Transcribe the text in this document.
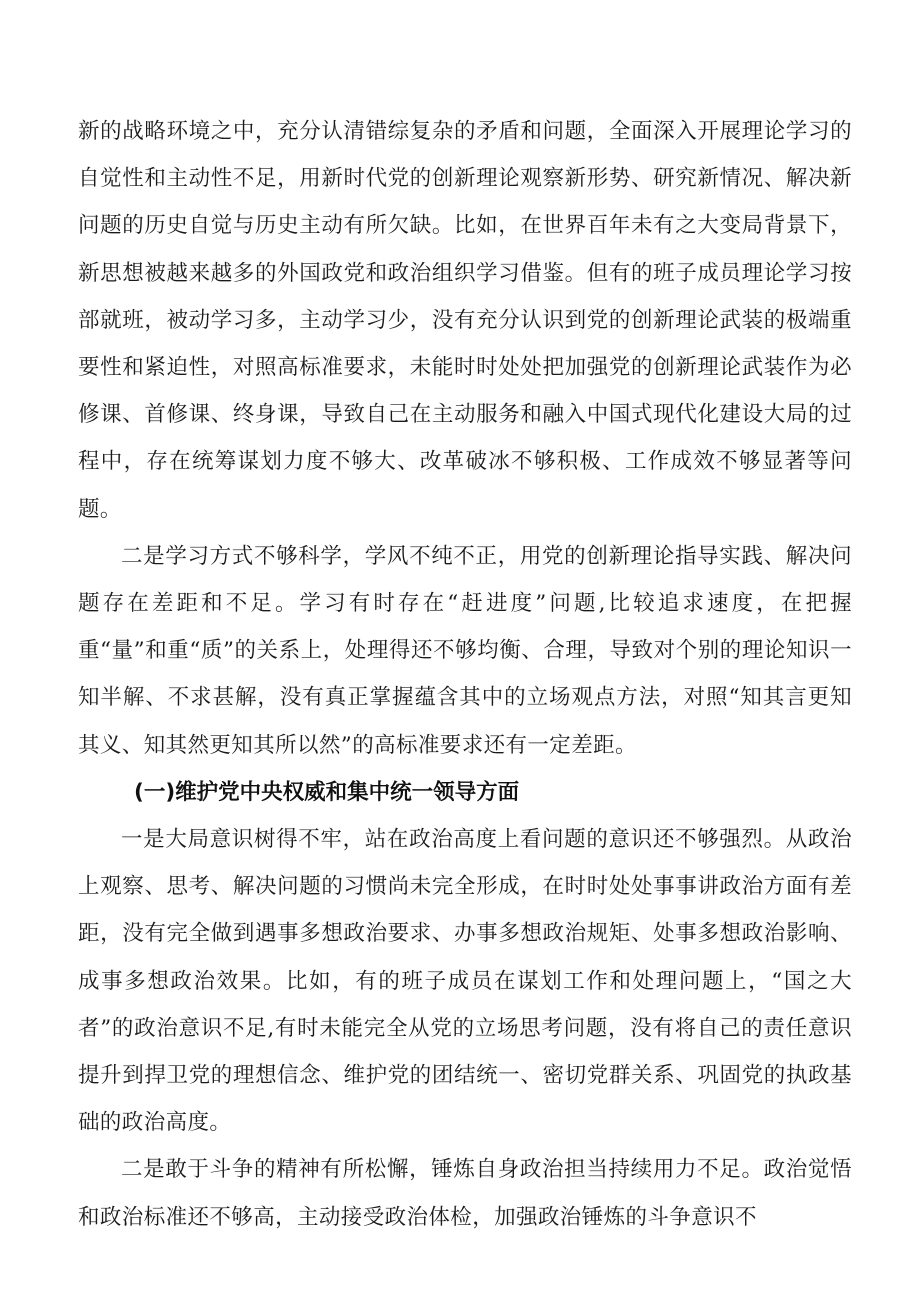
新的战略环境之中，充分认清错综复杂的矛盾和问题，全面深入开展理论学习的自觉性和主动性不足，用新时代党的创新理论观察新形势、研究新情况、解决新问题的历史自觉与历史主动有所欠缺。比如，在世界百年未有之大变局背景下，新思想被越来越多的外国政党和政治组织学习借鉴。但有的班子成员理论学习按部就班，被动学习多，主动学习少，没有充分认识到党的创新理论武装的极端重要性和紧迫性，对照高标准要求，未能时时处处把加强党的创新理论武装作为必修课、首修课、终身课，导致自己在主动服务和融入中国式现代化建设大局的过程中，存在统筹谋划力度不够大、改革破冰不够积极、工作成效不够显著等问题。

二是学习方式不够科学，学风不纯不正，用党的创新理论指导实践、解决问题存在差距和不足。学习有时存在“赶进度”问题,比较追求速度，在把握重“量”和重“质”的关系上，处理得还不够均衡、合理，导致对个别的理论知识一知半解、不求甚解，没有真正掌握蕴含其中的立场观点方法，对照“知其言更知其义、知其然更知其所以然”的高标准要求还有一定差距。

(一)维护党中央权威和集中统一领导方面

一是大局意识树得不牢，站在政治高度上看问题的意识还不够强烈。从政治上观察、思考、解决问题的习惯尚未完全形成，在时时处处事事讲政治方面有差距，没有完全做到遇事多想政治要求、办事多想政治规矩、处事多想政治影响、成事多想政治效果。比如，有的班子成员在谋划工作和处理问题上，“国之大者”的政治意识不足,有时未能完全从党的立场思考问题，没有将自己的责任意识提升到捍卫党的理想信念、维护党的团结统一、密切党群关系、巩固党的执政基础的政治高度。

二是敢于斗争的精神有所松懈，锤炼自身政治担当持续用力不足。政治觉悟和政治标准还不够高，主动接受政治体检，加强政治锤炼的斗争意识不
